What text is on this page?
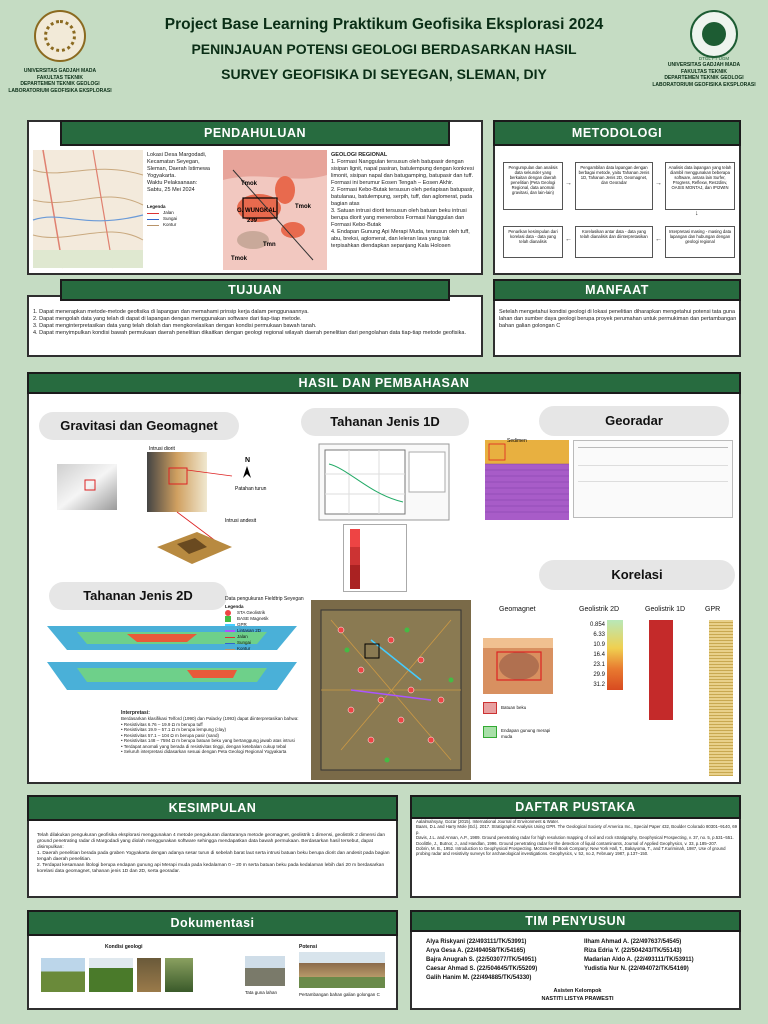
UNIVERSITAS GADJAH MADA
FAKULTAS TEKNIK
DEPARTEMEN TEKNIK GEOLOGI
LABORATORIUM GEOFISIKA EKSPLORASI
Project Base Learning Praktikum Geofisika Eksplorasi 2024
PENINJAUAN POTENSI GEOLOGI BERDASARKAN HASIL
SURVEY GEOFISIKA DI SEYEGAN, SLEMAN, DIY
DTGL FT UGM
UNIVERSITAS GADJAH MADA
FAKULTAS TEKNIK
DEPARTEMEN TEKNIK GEOLOGI
LABORATORIUM GEOFISIKA EKSPLORASI
Lokasi Desa Margodadi, Kecamatan Seyegan, Sleman, Daerah Istimewa Yogyakarta.
Waktu Pelaksanaan:
Sabtu, 25 Mei 2024
Legenda
Jalan
Sungai
Kontur
Tmok
G. WUNGKAL
239
Tmok
Tmn
Tmok
GEOLOGI REGIONAL
1. Formasi Nanggulan tersusun oleh batupasir dengan sisipan lignit, napal pasiran, batulempung dengan konkresi limonit, sisipan napal dan batugamping, batupasir dan tuff. Formasi ini berumur Eosen Tengah – Eosen Akhir.
2. Formasi Kebo-Butak tersusun oleh perlapisan batupasir, batulanau, batulempung, serpih, tuff, dan aglomerat, pada bagian atas
3. Satuan intrusi diorit tersusun oleh batuan beku intrusi berupa diorit yang menerobos Formasi Nanggulan dan Formasi Kebo-Butak
4. Endapan Gunung Api Merapi Muda, tersusun oleh tuff, abu, breksi, aglomerat, dan leleran lava yang tak terpisahkan diendapkan sepanjang Kala Holosen
PENDAHULUAN
Pengumpulan dan analisis data sekunder yang berkaitan dengan daerah penelitian (Peta Geologi Regional, data anomali gravitasi, dan lain-lain)
→
Pengambilan data lapangan dengan berbagai metode, yaitu Tahanan Jenis 1D, Tahanan Jenis 2D, Geomagnet, dan Georadar	→
Analisis data lapangan yang telah diambil menggunakan beberapa software, antara lain Surfer, Progress, Reflexw, Res2dinv, OASIS MONTAJ, dan IPI2WIN
↓
Penarikan kesimpulan dari korelasi data - data yang telah dianalisis	←
Korelasikan antar data - data yang telah dianalisis dan diinterpretasikan	←
Interpretasi masing - masing data lapangan dan hubungan dengan geologi regional
METODOLOGI
1. Dapat menerapkan metode-metode geofisika di lapangan dan memahami prinsip kerja dalam penggunaannya.
2. Dapat mengolah data yang telah di dapat di lapangan dengan menggunakan software dari tiap-tiap metode.
3. Dapat menginterpretasikan data yang telah diolah dan mengkorelasikan dengan kondisi permukaan bawah tanah.
4. Dapat menyimpulkan kondisi bawah permukaan daerah penelitian dikaitkan dengan geologi regional wilayah daerah penelitian dari pengolahan data tiap-tiap metode geofisika.
TUJUAN
Setelah mengetahui kondisi geologi di lokasi penelitian diharapkan mengetahui potensi tata guna lahan dan sumber daya geologi berupa proyek perumahan untuk permukiman dan pertambangan bahan galian golongan C
MANFAAT
Gravitasi dan Geomagnet	Tahanan Jenis 1D	Georadar
Tahanan Jenis 2D
Korelasi
Patahan turun
Intrusi diorit
Intrusi andesit
N
Sedimen
Interpretasi:
Berdasarkan klasifikasi Telford (1990) dan Palacky (1993) dapat diinterpretasikan bahwa:
• Resistivitas 6.76 – 19.9 Ω m berupa tuff
• Resistivitas 19.9 – 57.1 Ω m berupa lempung (clay)
• Resistivitas 57.1 – 104 Ω m berupa pasir (sand)
• Resistivitas 148 – 7594 Ω m berupa batuan beku yang bertanggung jawab atas intrusi
• Terdapat anomali yang berada di resistivitas tinggi, dengan ketebalan cukup tebal
• Seluruh interpretasi didasarkan sesuai dengan Peta Geologi Regional Yogyakarta
Data pengukuran Fieldtrip Seyegan
Legenda
STA Geolistrik
BASE Magnetik
GPR
Lintasan 2D
Jalan
Sungai
Kontur
Geomagnet	Geolistrik 2D	Geolistrik 1D	GPR
0.854
6.33
10.9
16.4
23.1
29.9
31.2
Batuan beku
Endapan gunung merapi muda
HASIL DAN PEMBAHASAN
Telah dilakukan pengukuran geofisika eksplorasi menggunakan 4 metode pengukuran diantaranya metode geomagnet, geolistrik 1 dimensi, geolistrik 2 dimensi dan ground penetrating radar di Margodadi yang diolah menggunakan software sehingga mendapatkan data bawah permukaan. Berdasarkan hasil tersebut, dapat disimpulkan:
1. Daerah penelitian berada pada graben Yogyakarta dengan adanya sesar turun di sebelah barat laut serta intrusi batuan beku berupa diorit dan andesit pada bagian tengah daerah penelitian.
2. Terdapat kesamaan litologi berupa endapan gunung api Merapi muda pada kedalaman 0 – 20 m serta batuan beku pada kedalaman lebih dari 20 m berdasarkan korelasi data geomagnet, tahanan jenis 1D dan 2D, serta georadar.
KESIMPULAN
Aalalmahsyay, Gozar (2015). International Journal of Environment & Water.
Baars, D.L and Harry Mole (Ed.). 2017. Stratigraphic Analysis Using GPR. The Geological Society of America Inc., Special Paper 432, Boulder Colorado 80301–9140, 69 p.
Davis, J.L. and Annan, A.P., 1989. Ground penetrating radar for high resolution mapping of soil and rock stratigraphy, Geophysical Prospecting, v. 37, no. 5, p.531–551.
Doolittle, J., Butnor, J., and Handlan, 1996. Ground penetrating radar for the detection of liquid contaminants, Journal of Applied Geophysics, v. 33, p.185–207.
Dobrin, M. B., 1952. Introduction to Geophysical Prospecting. McGraw-Hill Book Company: New York Hall, T., Bakayoma, T., and T.Kuriminah, 1987, Use of ground probing radar and resistivity surveys for archaeological investigations. Geophysics, v. 52, no.2, February 1987, p.137–150.
DAFTAR PUSTAKA
Kondisi geologi	Potensi
Tata guna lahan	Pertambangan bahan galian golongan C
Dokumentasi
Alya Riskyani (22/493111/TK/53991)
Arya Gesa A. (22/494058/TK/54165)
Bajra Anugrah S. (22/503077/TK/54951)
Caesar Ahmad S. (22/504645/TK/55209)
Galih Hanim M. (22/494885/TK/54330)
Ilham Ahmad A. (22/497637/54545)
Riza Edria Y. (22/504243/TK/55143)
Madarian Aldo A. (22/493111/TK/53911)
Yudistia Nur N. (22/494072/TK/54169)
Asisten Kelompok
NASTITI LISTYA PRAWESTI
TIM PENYUSUN
